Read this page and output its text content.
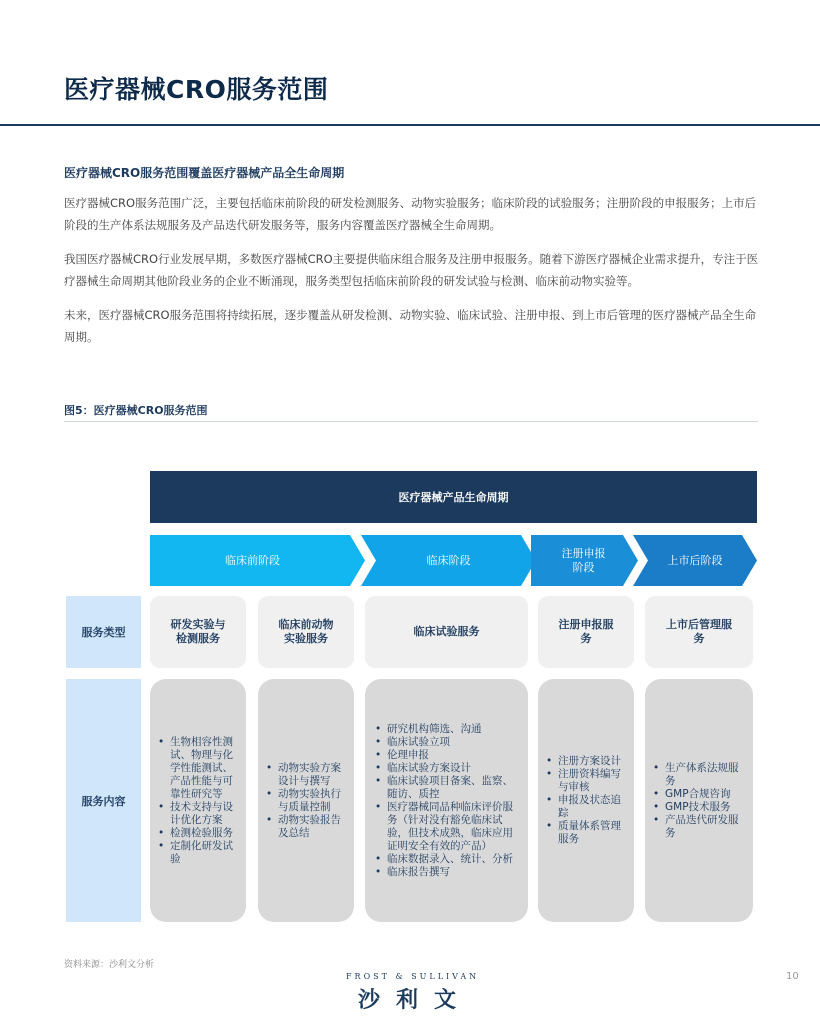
医疗器械CRO服务范围
医疗器械CRO服务范围覆盖医疗器械产品全生命周期
医疗器械CRO服务范围广泛，主要包括临床前阶段的研发检测服务、动物实验服务；临床阶段的试验服务；注册阶段的申报服务；上市后阶段的生产体系法规服务及产品迭代研发服务等，服务内容覆盖医疗器械全生命周期。
我国医疗器械CRO行业发展早期，多数医疗器械CRO主要提供临床组合服务及注册申报服务。随着下游医疗器械企业需求提升，专注于医疗器械生命周期其他阶段业务的企业不断涌现，服务类型包括临床前阶段的研发试验与检测、临床前动物实验等。
未来，医疗器械CRO服务范围将持续拓展，逐步覆盖从研发检测、动物实验、临床试验、注册申报、到上市后管理的医疗器械产品全生命周期。
图5：医疗器械CRO服务范围
医疗器械产品生命周期
临床前阶段	临床阶段
注册申报阶段
上市后阶段
服务类型
服务内容
研发实验与检测服务
临床前动物实验服务
临床试验服务
注册申报服务
上市后管理服务
• 生物相容性测试、物理与化学性能测试、产品性能与可靠性研究等
• 技术支持与设计优化方案
• 检测检验服务
• 定制化研发试验
• 动物实验方案设计与撰写
• 动物实验执行与质量控制
• 动物实验报告及总结
• 研究机构筛选、沟通
• 临床试验立项
• 伦理申报
• 临床试验方案设计
• 临床试验项目备案、监察、随访、质控
• 医疗器械同品种临床评价服务（针对没有豁免临床试验，但技术成熟，临床应用证明安全有效的产品）
• 临床数据录入、统计、分析
• 临床报告撰写
• 注册方案设计
• 注册资料编写与审核
• 申报及状态追踪
• 质量体系管理服务
• 生产体系法规服务
• GMP合规咨询
• GMP技术服务
• 产品迭代研发服务
资料来源：沙利文分析
FROST & SULLIVAN
沙利文
10
